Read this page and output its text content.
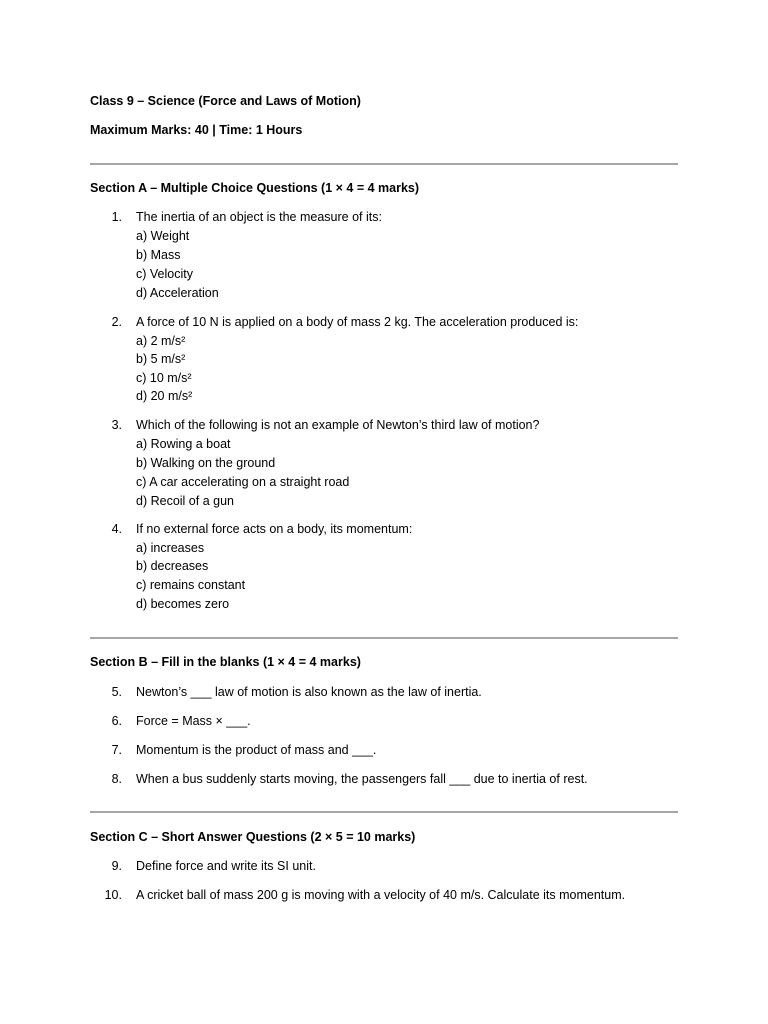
Class 9 – Science (Force and Laws of Motion)
Maximum Marks: 40 | Time: 1 Hours
Section A – Multiple Choice Questions (1 × 4 = 4 marks)
1. The inertia of an object is the measure of its:
a) Weight
b) Mass
c) Velocity
d) Acceleration
2. A force of 10 N is applied on a body of mass 2 kg. The acceleration produced is:
a) 2 m/s²
b) 5 m/s²
c) 10 m/s²
d) 20 m/s²
3. Which of the following is not an example of Newton’s third law of motion?
a) Rowing a boat
b) Walking on the ground
c) A car accelerating on a straight road
d) Recoil of a gun
4. If no external force acts on a body, its momentum:
a) increases
b) decreases
c) remains constant
d) becomes zero
Section B – Fill in the blanks (1 × 4 = 4 marks)
5. Newton’s ___ law of motion is also known as the law of inertia.
6. Force = Mass × ___.
7. Momentum is the product of mass and ___.
8. When a bus suddenly starts moving, the passengers fall ___ due to inertia of rest.
Section C – Short Answer Questions (2 × 5 = 10 marks)
9. Define force and write its SI unit.
10. A cricket ball of mass 200 g is moving with a velocity of 40 m/s. Calculate its momentum.
